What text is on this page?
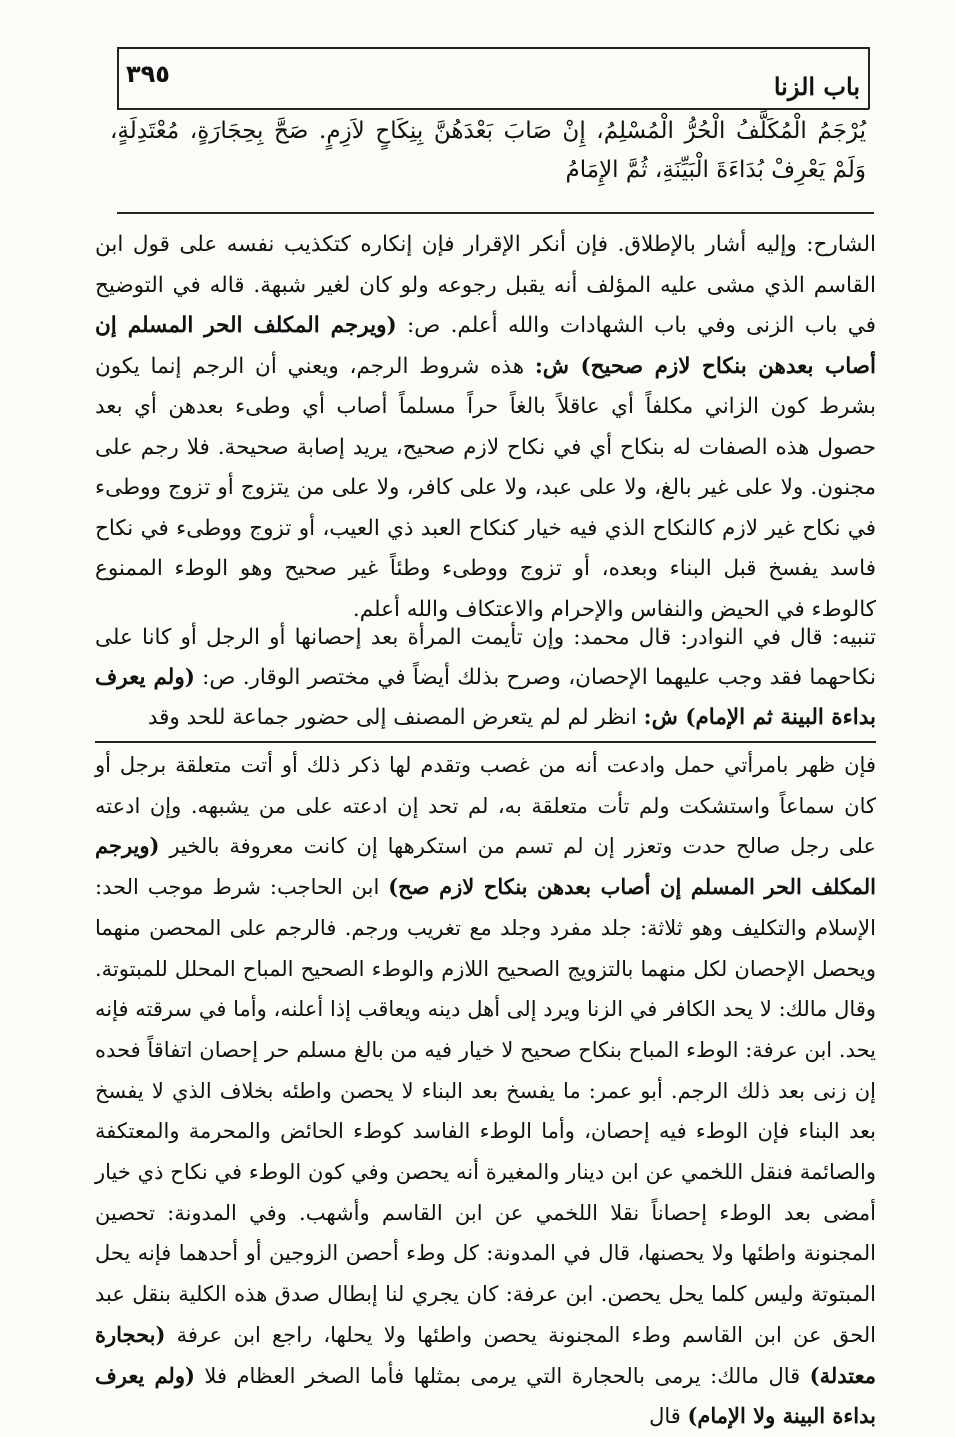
٣٩٥	باب الزنا

يُرْجَمُ الْمُكَلَّفُ الْحُرُّ الْمُسْلِمُ، إِنْ صَابَ بَعْدَهُنَّ بِنِكَاحٍ لاَزِمٍ. صَحَّ بِحِجَارَةٍ، مُعْتَدِلَةٍ، وَلَمْ يَعْرِفْ بُدَاءَةَ الْبَيِّنَةِ، ثُمَّ الإِمَامُ

الشارح: وإليه أشار بالإطلاق. فإن أنكر الإقرار فإن إنكاره كتكذيب نفسه على قول ابن القاسم الذي مشى عليه المؤلف أنه يقبل رجوعه ولو كان لغير شبهة. قاله في التوضيح في باب الزنى وفي باب الشهادات والله أعلم. ص: (ويرجم المكلف الحر المسلم إن أصاب بعدهن بنكاح لازم صحيح) ش: هذه شروط الرجم، ويعني أن الرجم إنما يكون بشرط كون الزاني مكلفاً أي عاقلاً بالغاً حراً مسلماً أصاب أي وطىء بعدهن أي بعد حصول هذه الصفات له بنكاح أي في نكاح لازم صحيح، يريد إصابة صحيحة. فلا رجم على مجنون. ولا على غير بالغ، ولا على عبد، ولا على كافر، ولا على من يتزوج أو تزوج ووطىء في نكاح غير لازم كالنكاح الذي فيه خيار كنكاح العبد ذي العيب، أو تزوج ووطىء في نكاح فاسد يفسخ قبل البناء وبعده، أو تزوج ووطىء وطئاً غير صحيح وهو الوطء الممنوع كالوطء في الحيض والنفاس والإحرام والاعتكاف والله أعلم.

تنبيه: قال في النوادر: قال محمد: وإن تأيمت المرأة بعد إحصانها أو الرجل أو كانا على نكاحهما فقد وجب عليهما الإحصان، وصرح بذلك أيضاً في مختصر الوقار. ص: (ولم يعرف بداءة البينة ثم الإمام) ش: انظر لم لم يتعرض المصنف إلى حضور جماعة للحد وقد

فإن ظهر بامرأتي حمل وادعت أنه من غصب وتقدم لها ذكر ذلك أو أتت متعلقة برجل أو كان سماعاً واستشكت ولم تأت متعلقة به، لم تحد إن ادعته على من يشبهه. وإن ادعته على رجل صالح حدت وتعزر إن لم تسم من استكرهها إن كانت معروفة بالخير (ويرجم المكلف الحر المسلم إن أصاب بعدهن بنكاح لازم صح) ابن الحاجب: شرط موجب الحد: الإسلام والتكليف وهو ثلاثة: جلد مفرد وجلد مع تغريب ورجم. فالرجم على المحصن منهما ويحصل الإحصان لكل منهما بالتزويج الصحيح اللازم والوطء الصحيح المباح المحلل للمبتوتة. وقال مالك: لا يحد الكافر في الزنا ويرد إلى أهل دينه ويعاقب إذا أعلنه، وأما في سرقته فإنه يحد. ابن عرفة: الوطء المباح بنكاح صحيح لا خيار فيه من بالغ مسلم حر إحصان اتفاقاً فحده إن زنى بعد ذلك الرجم. أبو عمر: ما يفسخ بعد البناء لا يحصن واطئه بخلاف الذي لا يفسخ بعد البناء فإن الوطء فيه إحصان، وأما الوطء الفاسد كوطء الحائض والمحرمة والمعتكفة والصائمة فنقل اللخمي عن ابن دينار والمغيرة أنه يحصن وفي كون الوطء في نكاح ذي خيار أمضى بعد الوطء إحصاناً نقلا اللخمي عن ابن القاسم وأشهب. وفي المدونة: تحصين المجنونة واطئها ولا يحصنها، قال في المدونة: كل وطء أحصن الزوجين أو أحدهما فإنه يحل المبتوتة وليس كلما يحل يحصن. ابن عرفة: كان يجري لنا إبطال صدق هذه الكلية بنقل عبد الحق عن ابن القاسم وطء المجنونة يحصن واطئها ولا يحلها، راجع ابن عرفة (بحجارة معتدلة) قال مالك: يرمى بالحجارة التي يرمى بمثلها فأما الصخر العظام فلا (ولم يعرف بداءة البينة ولا الإمام) قال
